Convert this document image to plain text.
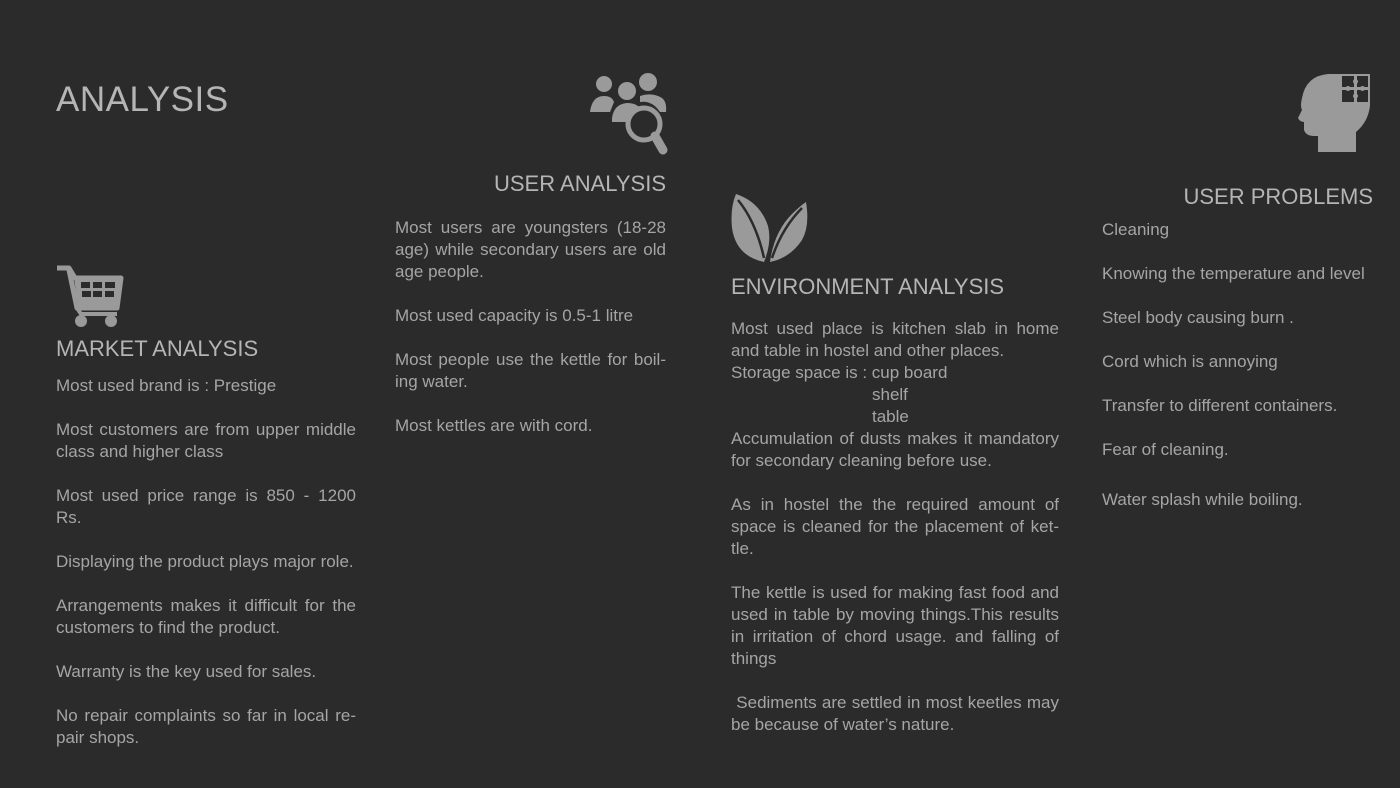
ANALYSIS
MARKET ANALYSIS

Most used brand is : Prestige

Most customers are from upper middle class and higher class

Most used price range is 850 - 1200 Rs.

Displaying the product plays major role.

Arrangements makes it difficult for the customers to find the product.

Warranty is the key used for sales.

No repair complaints so far in local re-pair shops.

USER ANALYSIS

Most users are youngsters (18-28 age) while secondary users are old age people.

Most used capacity is 0.5-1 litre

Most people use the kettle for boil-ing water.

Most kettles are with cord.

ENVIRONMENT ANALYSIS

Most used place is kitchen slab in home and table in hostel and other places.

Storage space is : cup board
shelf
table

Accumulation of dusts makes it mandatory for secondary cleaning before use.

As in hostel the the required amount of space is cleaned for the placement of ket-tle.

The kettle is used for making fast food and used in table by moving things.This results in irritation of chord usage. and falling of things

Sediments are settled in most keetles may be because of water’s nature.

USER PROBLEMS

Cleaning

Knowing the temperature and level

Steel body causing burn .

Cord which is annoying

Transfer to different containers.

Fear of cleaning.

Water splash while boiling.
